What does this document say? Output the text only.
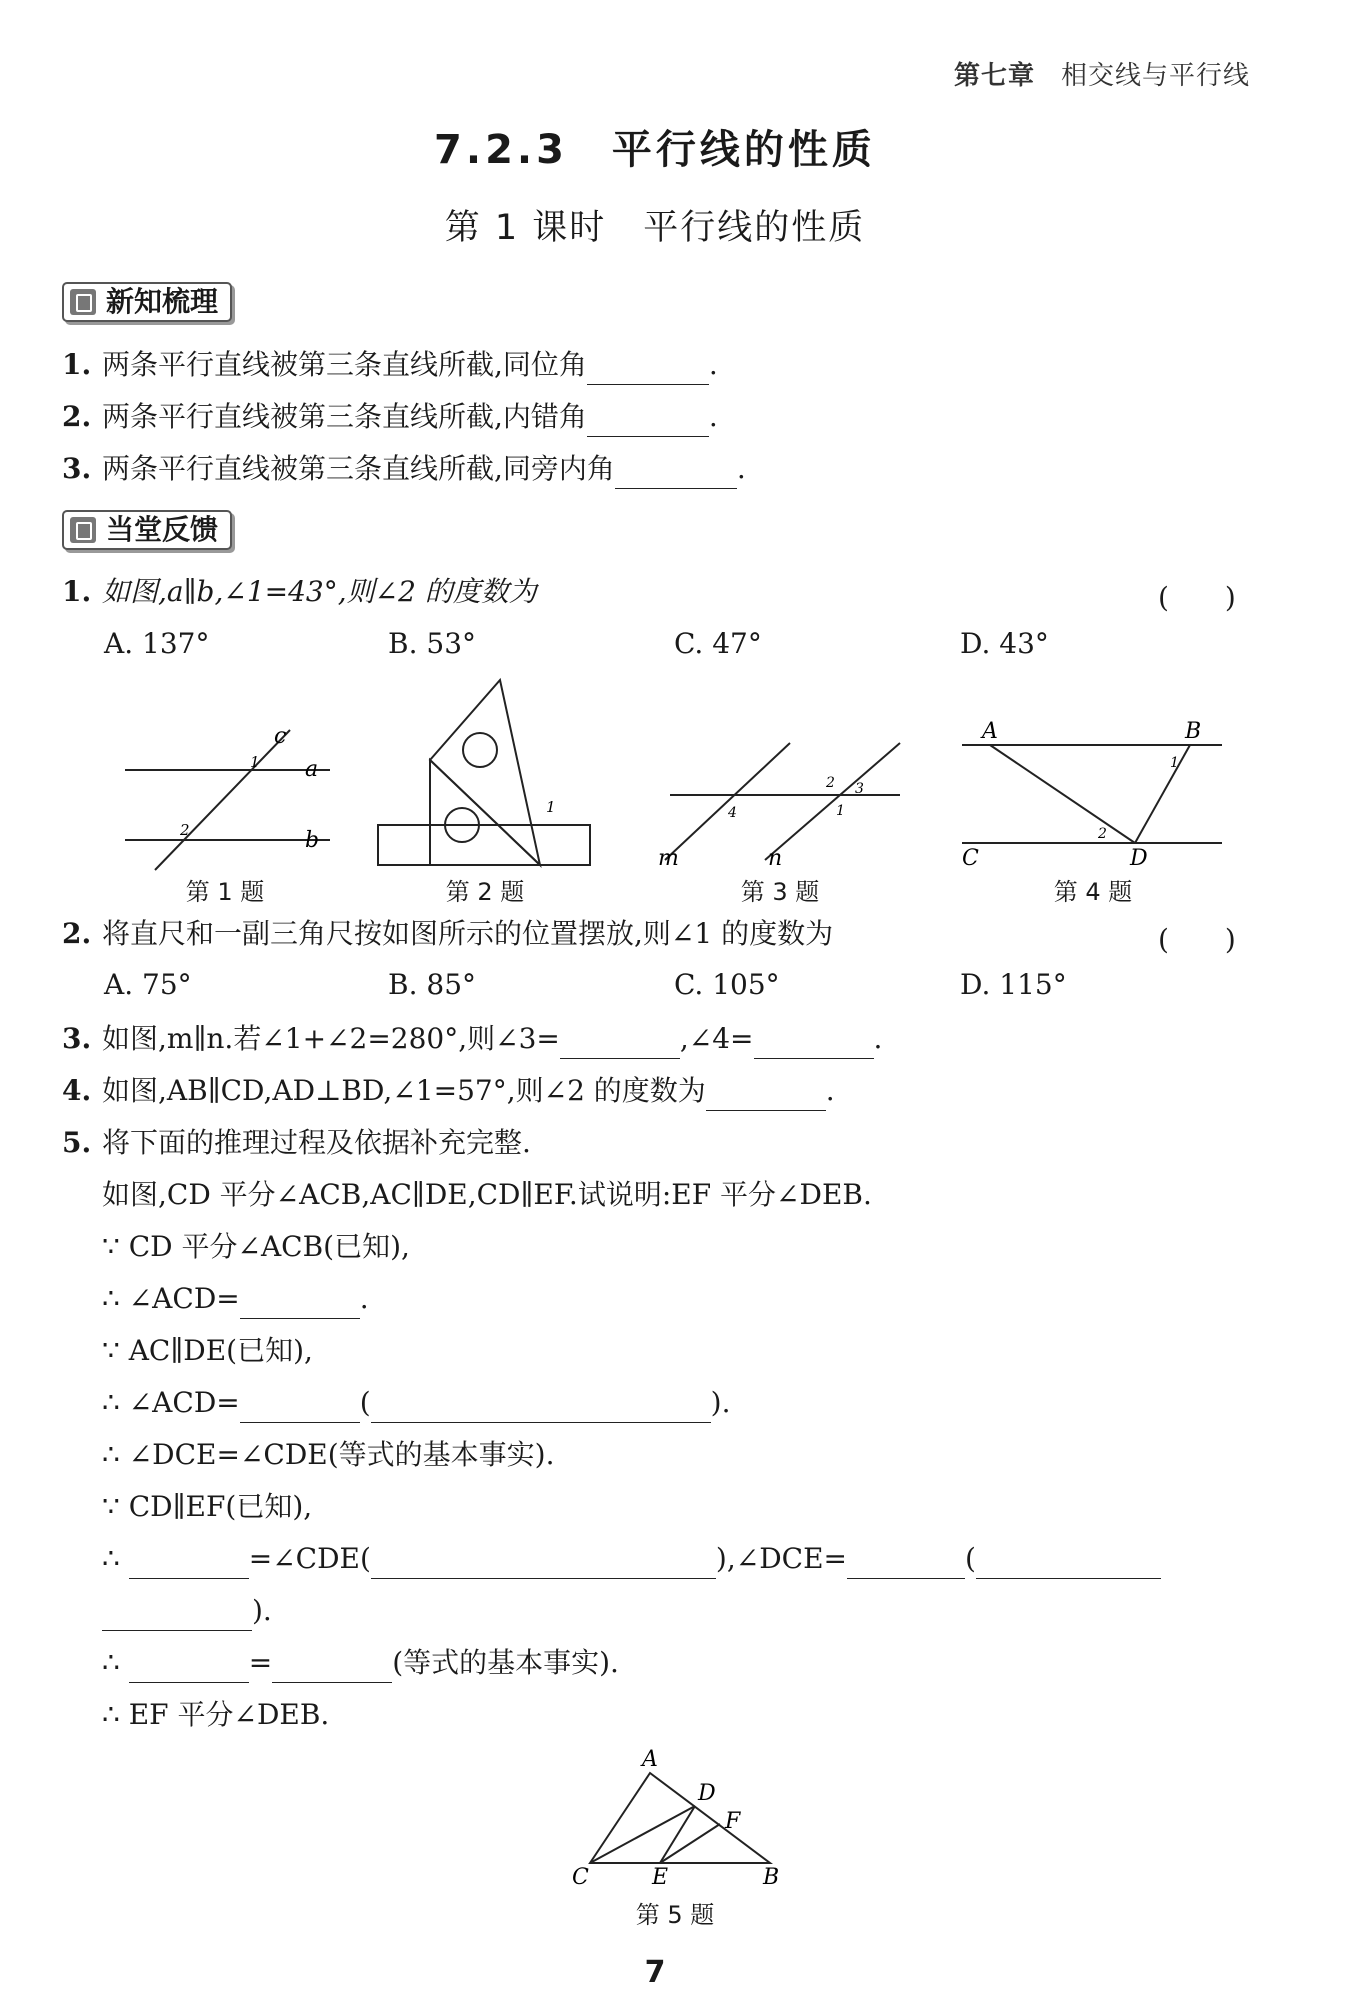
第七章 相交线与平行线
7.2.3　平行线的性质
第 1 课时　平行线的性质
新知梳理
1. 两条平行直线被第三条直线所截,同位角	.
2. 两条平行直线被第三条直线所截,内错角	.
3. 两条平行直线被第三条直线所截,同旁内角	.
当堂反馈
1. 如图,a∥b,∠1=43°,则∠2 的度数为	(　　)
A. 137°	B. 53°	C. 47°	D. 43°
c
a
b
1
2
第 1 题
1
第 2 题
m	n
2 3
4	1
第 3 题
A	B
C	D
1
2
第 4 题
2. 将直尺和一副三角尺按如图所示的位置摆放,则∠1 的度数为	(　　)
A. 75°	B. 85°	C. 105°	D. 115°
3. 如图,m∥n.若∠1+∠2=280°,则∠3=	,∠4=	.
4. 如图,AB∥CD,AD⊥BD,∠1=57°,则∠2 的度数为	.
5. 将下面的推理过程及依据补充完整.
如图,CD 平分∠ACB,AC∥DE,CD∥EF.试说明:EF 平分∠DEB.
∵ CD 平分∠ACB(已知),
∴ ∠ACD=	.
∵ AC∥DE(已知),
∴ ∠ACD=	(	).
∴ ∠DCE=∠CDE(等式的基本事实).
∵ CD∥EF(已知),
∴	=∠CDE(	),∠DCE=	(
).
∴	=	(等式的基本事实).
∴ EF 平分∠DEB.
A
D
F
C	E	B
第 5 题
7
